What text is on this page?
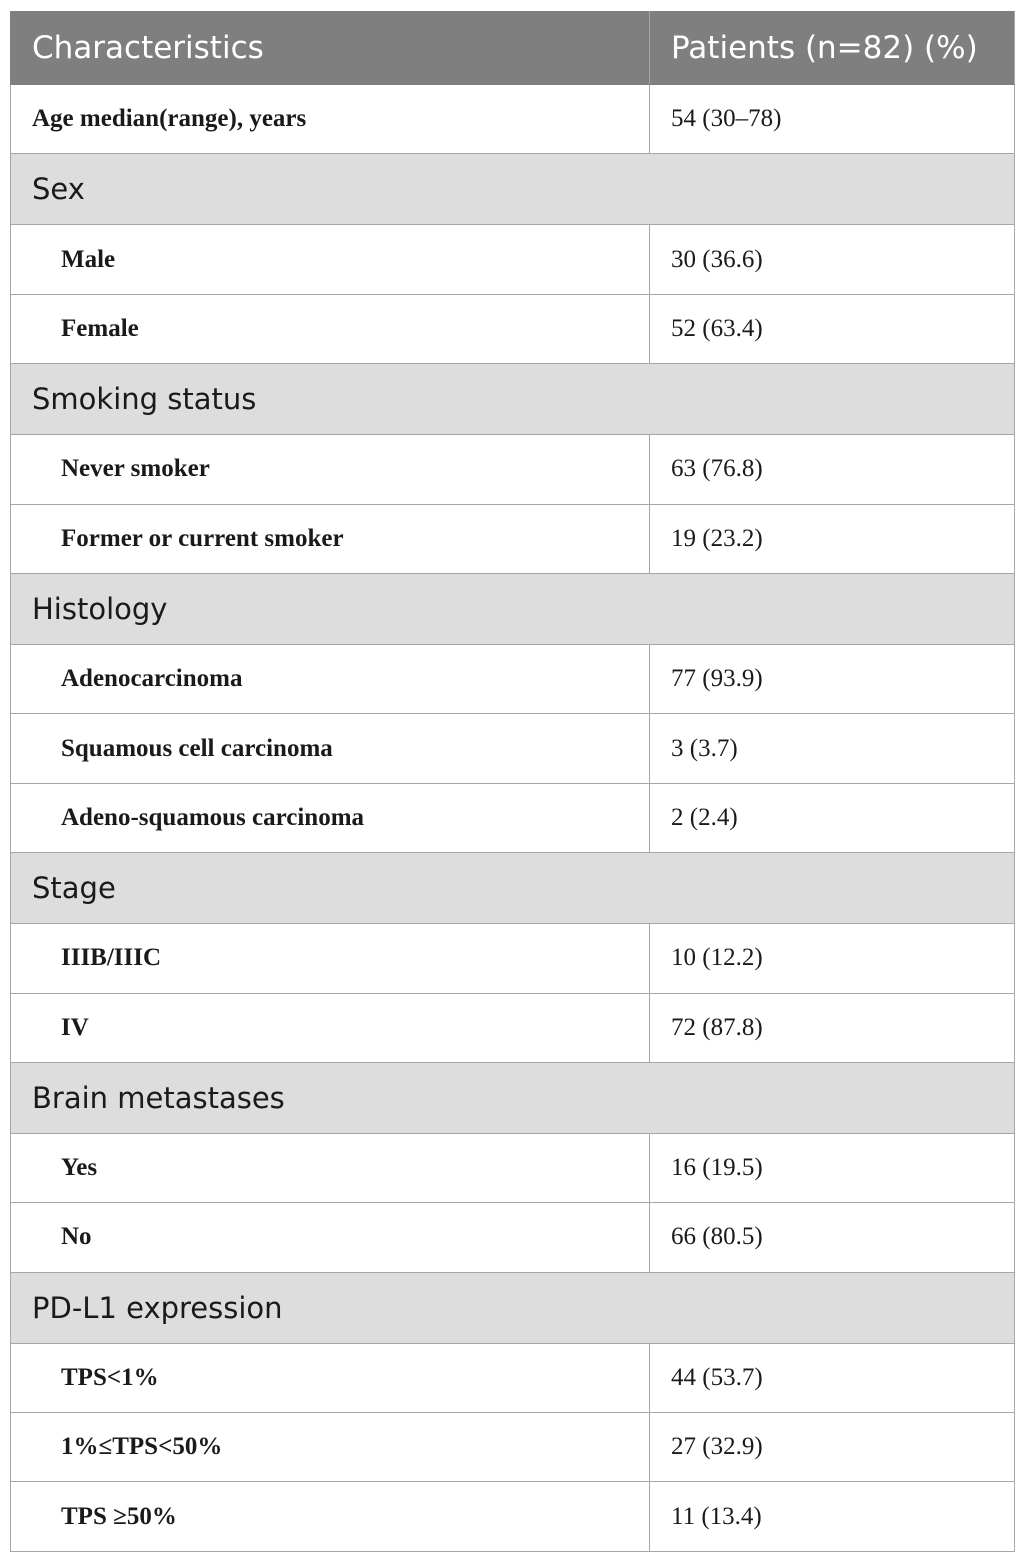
Characteristics	Patients (n=82) (%)
Age median(range), years	54 (30–78)
Sex	
Male	30 (36.6)
Female	52 (63.4)
Smoking status	
Never smoker	63 (76.8)
Former or current smoker	19 (23.2)
Histology	
Adenocarcinoma	77 (93.9)
Squamous cell carcinoma	3 (3.7)
Adeno-squamous carcinoma	2 (2.4)
Stage	
IIIB/IIIC	10 (12.2)
IV	72 (87.8)
Brain metastases	
Yes	16 (19.5)
No	66 (80.5)
PD-L1 expression	
TPS<1%	44 (53.7)
1%≤TPS<50%	27 (32.9)
TPS ≥50%	11 (13.4)
